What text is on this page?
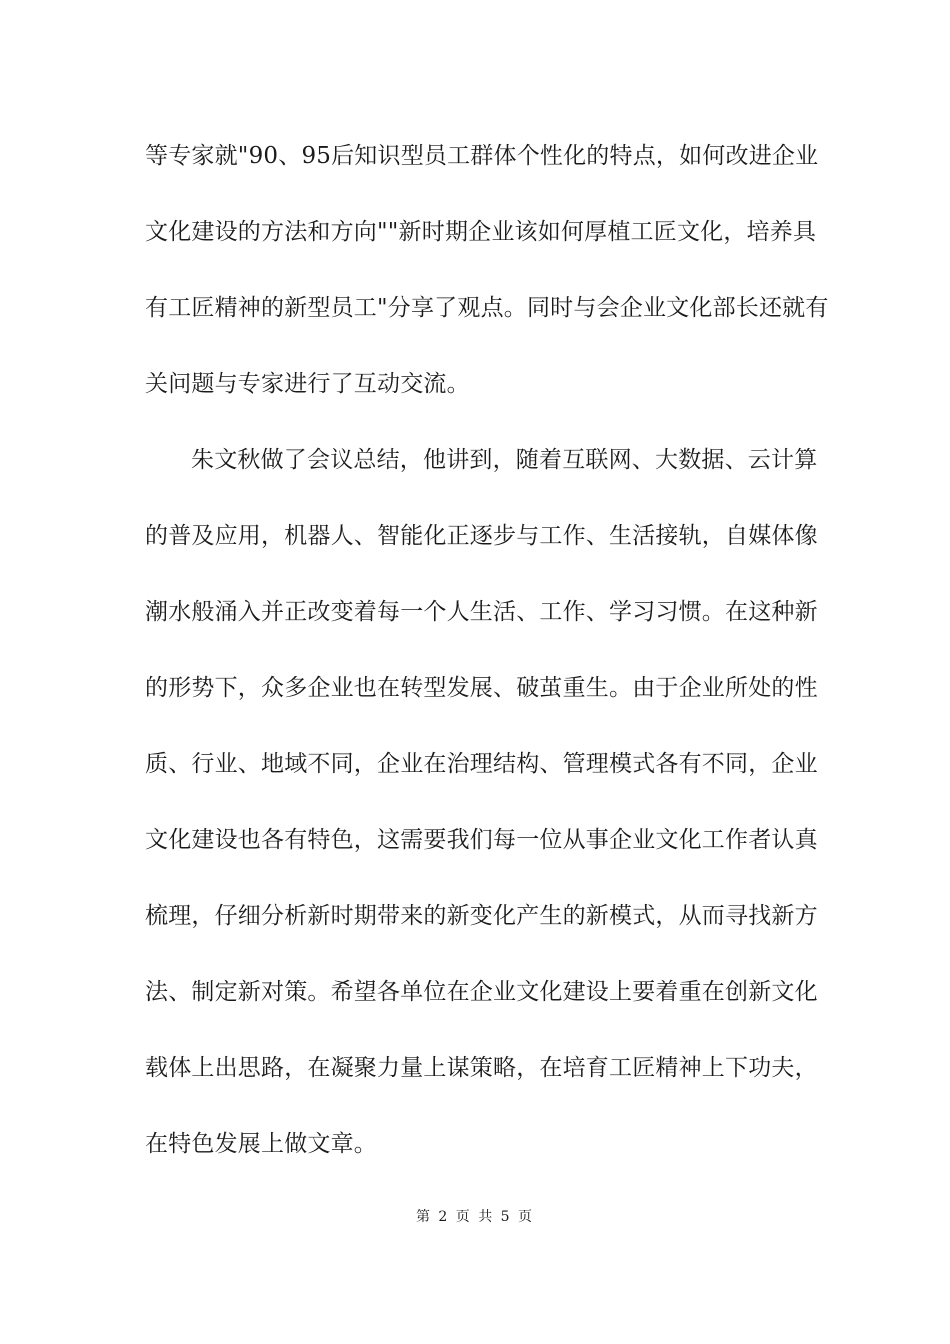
等专家就"90、95后知识型员工群体个性化的特点，如何改进企业
文化建设的方法和方向""新时期企业该如何厚植工匠文化，培养具
有工匠精神的新型员工"分享了观点。同时与会企业文化部长还就有
关问题与专家进行了互动交流。
朱文秋做了会议总结，他讲到，随着互联网、大数据、云计算
的普及应用，机器人、智能化正逐步与工作、生活接轨，自媒体像
潮水般涌入并正改变着每一个人生活、工作、学习习惯。在这种新
的形势下，众多企业也在转型发展、破茧重生。由于企业所处的性
质、行业、地域不同，企业在治理结构、管理模式各有不同，企业
文化建设也各有特色，这需要我们每一位从事企业文化工作者认真
梳理，仔细分析新时期带来的新变化产生的新模式，从而寻找新方
法、制定新对策。希望各单位在企业文化建设上要着重在创新文化
载体上出思路，在凝聚力量上谋策略，在培育工匠精神上下功夫，
在特色发展上做文章。
第 2 页 共 5 页
